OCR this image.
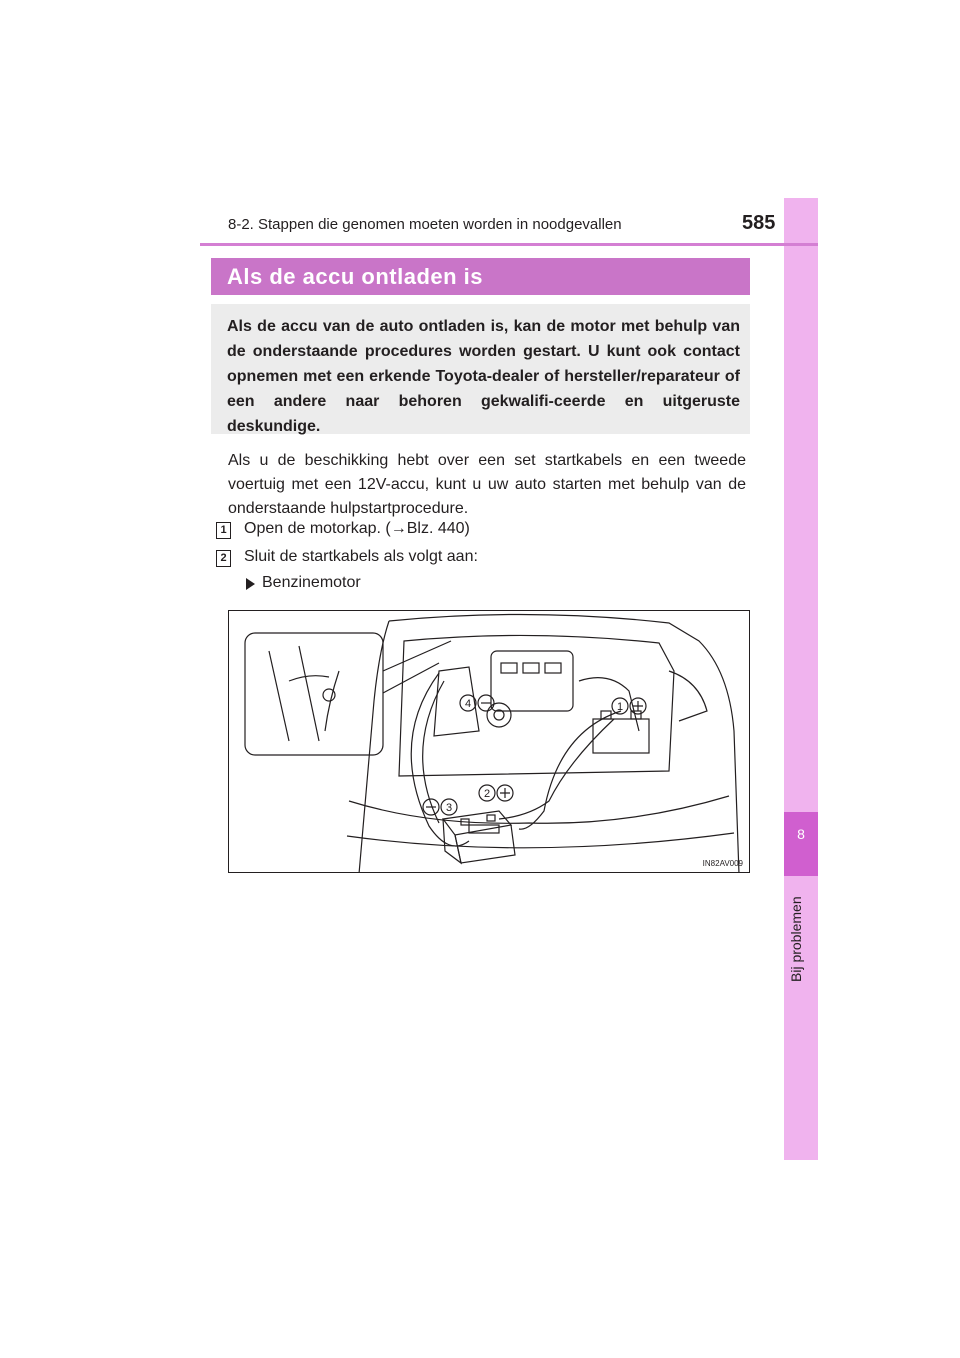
8
Bij problemen
8-2. Stappen die genomen moeten worden in noodgevallen	585
Als de accu ontladen is
Als de accu van de auto ontladen is, kan de motor met behulp van de onderstaande procedures worden gestart. U kunt ook contact opnemen met een erkende Toyota-dealer of hersteller/reparateur of een andere naar behoren gekwalifi-ceerde en uitgeruste deskundige.
Als u de beschikking hebt over een set startkabels en een tweede voertuig met een 12V-accu, kunt u uw auto starten met behulp van de onderstaande hulpstartprocedure.
1 Open de motorkap. (→Blz. 440)
2 Sluit de startkabels als volgt aan:
Benzinemotor
1
2
3
4
IN82AV009
